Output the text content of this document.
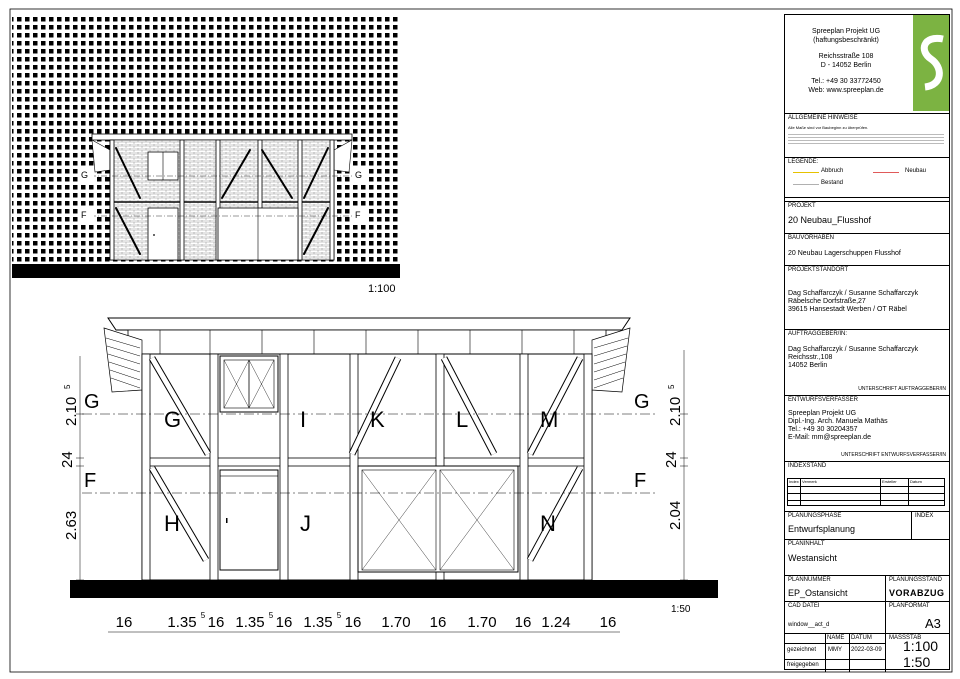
G
F
G
F
1:100
1:50
G
F
G
F
G	I	K	L	M
H	J	N
2.10
5
24
2.63
2.10
5
24
2.04
16 1.35 5 16 1.35 5 16 1.35 5 16 1.70 16 1.70 16 1.24 16
Spreeplan Projekt UG
(haftungsbeschränkt)
Reichsstraße 108
D - 14052 Berlin
Tel.: +49 30 33772450
Web: www.spreeplan.de
ALLGEMEINE HINWEISE
Alle Maße sind vor Baubeginn zu überprüfen.
LEGENDE:
Abbruch	Neubau
Bestand
PROJEKT
20 Neubau_Flusshof
BAUVORHABEN
20 Neubau Lagerschuppen Flusshof
PROJEKTSTANDORT
Dag Schaffarczyk / Susanne Schaffarczyk
Räbelsche Dorfstraße,27
39615 Hansestadt Werben / OT Räbel
AUFTRAGGEBER/IN:
Dag Schaffarczyk / Susanne Schaffarczyk
Reichsstr.,108
14052 Berlin
UNTERSCHRIFT AUFTRAGGEBER/IN
ENTWURFSVERFASSER
Spreeplan Projekt UG
Dipl.-Ing. Arch. Manuela Mathäs
Tel.: +49 30 30204357
E-Mail: mm@spreeplan.de
UNTERSCHRIFT ENTWURFSVERFASSER/IN
INDEXSTAND
Index Vermerk	Ersteller	Datum
PLANUNGSPHASE
Entwurfsplanung
INDEX
PLANINHALT
Westansicht
PLANNUMMER
EP_Ostansicht
PLANUNGSSTAND
VORABZUG
CAD DATEI
window__act_d
PLANFORMAT
A3
NAME DATUM
gezeichnet MMY 2022-03-09
freigegeben
MASSSTAB
1:100
1:50
